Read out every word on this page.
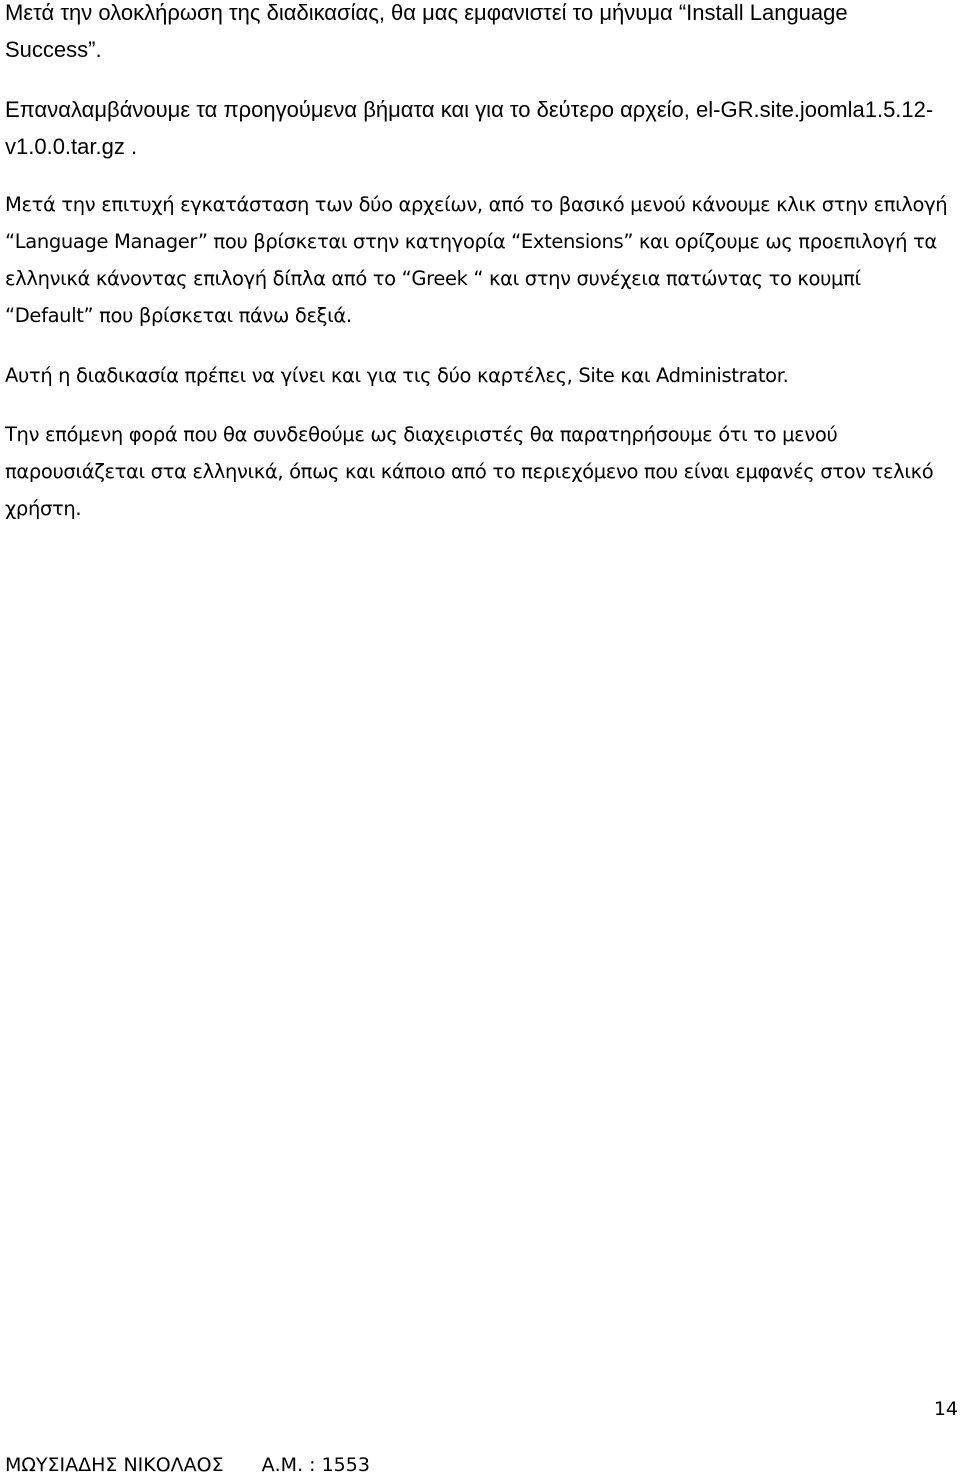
Μετά την ολοκλήρωση της διαδικασίας, θα μας εμφανιστεί το μήνυμα “Install Language Success”.

Επαναλαμβάνουμε τα προηγούμενα βήματα και για το δεύτερο αρχείο, el-GR.site.joomla1.5.12-v1.0.0.tar.gz .

Μετά την επιτυχή εγκατάσταση των δύο αρχείων, από το βασικό μενού κάνουμε κλικ στην επιλογή “Language Manager” που βρίσκεται στην κατηγορία “Extensions” και ορίζουμε ως προεπιλογή τα ελληνικά κάνοντας επιλογή δίπλα από το “Greek “ και στην συνέχεια πατώντας το κουμπί “Default” που βρίσκεται πάνω δεξιά.

Αυτή η διαδικασία πρέπει να γίνει και για τις δύο καρτέλες, Site και Administrator.

Την επόμενη φορά που θα συνδεθούμε ως διαχειριστές θα παρατηρήσουμε ότι το μενού παρουσιάζεται στα ελληνικά, όπως και κάποιο από το περιεχόμενο που είναι εμφανές στον τελικό χρήστη.

14

ΜΩΥΣΙΑΔΗΣ ΝΙΚΟΛΑΟΣ Α.Μ. : 1553
